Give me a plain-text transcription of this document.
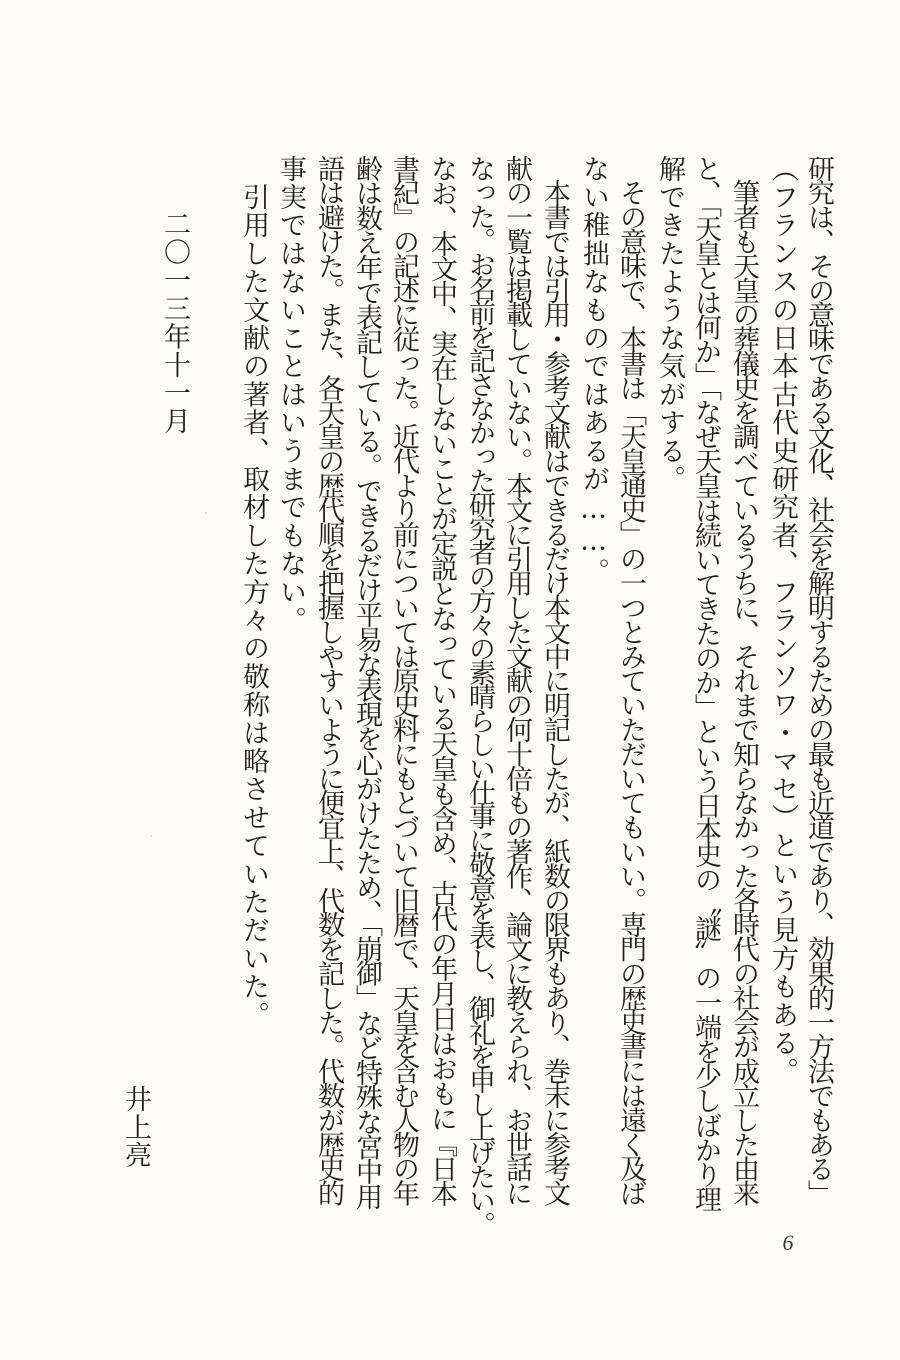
研究は、その意味である文化、社会を解明するための最も近道であり、効果的一方法でもある」
（フランスの日本古代史研究者、フランソワ・マセ）という見方もある。
　筆者も天皇の葬儀史を調べているうちに、それまで知らなかった各時代の社会が成立した由来
と、「天皇とは何か」「なぜ天皇は続いてきたのか」という日本史の〝謎〟の一端を少しばかり理
解できたような気がする。
　その意味で、本書は「天皇通史」の一つとみていただいてもいい。専門の歴史書には遠く及ば
ない稚拙なものではあるが……。
　本書では引用・参考文献はできるだけ本文中に明記したが、紙数の限界もあり、巻末に参考文
献の一覧は掲載していない。本文に引用した文献の何十倍もの著作、論文に教えられ、お世話に
なった。お名前を記さなかった研究者の方々の素晴らしい仕事に敬意を表し、御礼を申し上げたい。
なお、本文中、実在しないことが定説となっている天皇も含め、古代の年月日はおもに『日本
書紀』の記述に従った。近代より前については原史料にもとづいて旧暦で、天皇を含む人物の年
齢は数え年で表記している。できるだけ平易な表現を心がけたため、「崩御」など特殊な宮中用
語は避けた。また、各天皇の歴代順を把握しやすいように便宜上、代数を記した。代数が歴史的
事実ではないことはいうまでもない。
　引用した文献の著者、取材した方々の敬称は略させていただいた。
二〇一三年十一月
井上亮
6
